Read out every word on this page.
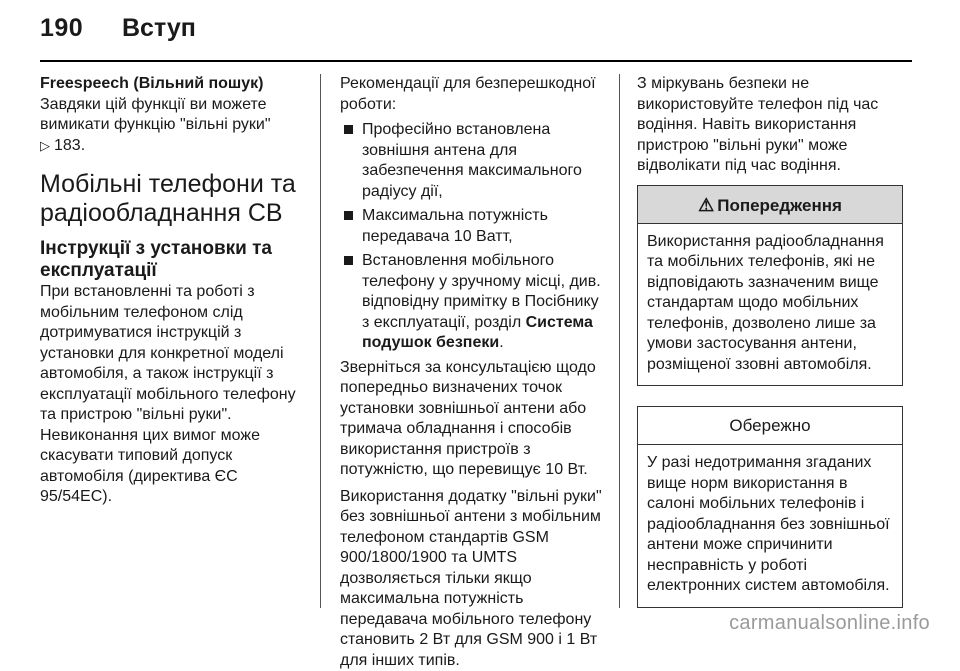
190 Вступ
Freespeech (Вільний пошук)
Завдяки цій функції ви можете вимикати функцію "вільні руки"
▷ 183.
Мобільні телефони та радіообладнання СВ
Інструкції з установки та експлуатації

При встановленні та роботі з мобільним телефоном слід дотримуватися інструкцій з установки для конкретної моделі автомобіля, а також інструкції з експлуатації мобільного телефону та пристрою "вільні руки". Невиконання цих вимог може скасувати типовий допуск автомобіля (директива ЄС 95/54EC).

Рекомендації для безперешкодної роботи:

Професійно встановлена зовнішня антена для забезпечення максимального радіусу дії,
Максимальна потужність передавача 10 Ватт,
Встановлення мобільного телефону у зручному місці, див. відповідну примітку в Посібнику з експлуатації, розділ Система подушок безпеки.

Зверніться за консультацією щодо попередньо визначених точок установки зовнішньої антени або тримача обладнання і способів використання пристроїв з потужністю, що перевищує 10 Вт.

Використання додатку "вільні руки" без зовнішньої антени з мобільним телефоном стандартів GSM 900/1800/1900 та UMTS дозволяється тільки якщо максимальна потужність передавача мобільного телефону становить 2 Вт для GSM 900 і 1 Вт для інших типів.

З міркувань безпеки не використовуйте телефон під час водіння. Навіть використання пристрою "вільні руки" може відволікати під час водіння.

⚠ Попередження
Використання радіообладнання та мобільних телефонів, які не відповідають зазначеним вище стандартам щодо мобільних телефонів, дозволено лише за умови застосування антени, розміщеної ззовні автомобіля.
Обережно
У разі недотримання згаданих вище норм використання в салоні мобільних телефонів і радіообладнання без зовнішньої антени може спричинити несправність у роботі електронних систем автомобіля.
carmanualsonline.info
